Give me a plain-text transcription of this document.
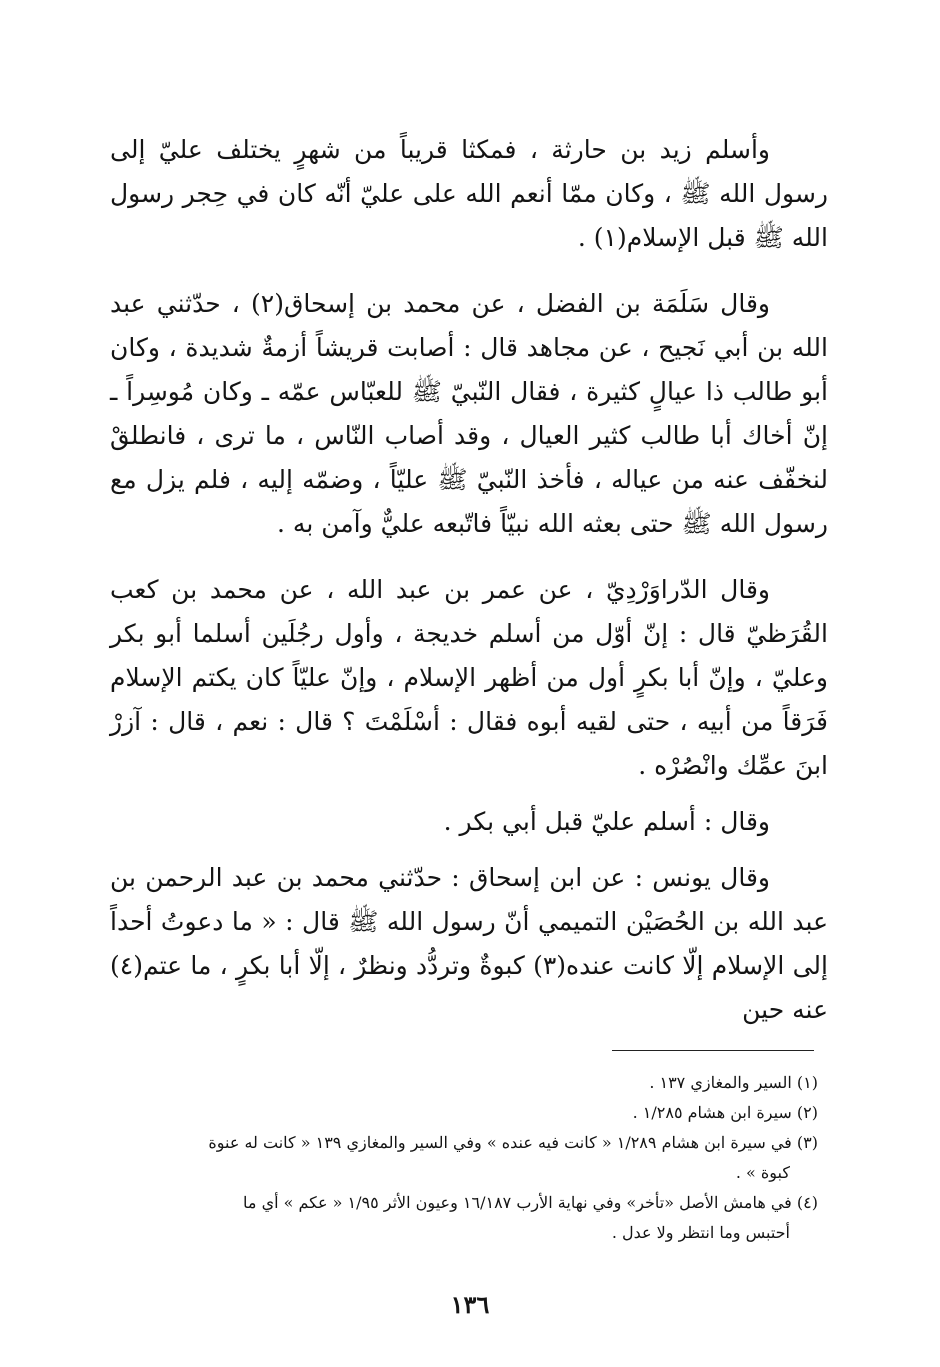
وأسلم زيد بن حارثة ، فمكثا قريباً من شهرٍ يختلف عليّ إلى رسول الله ﷺ ، وكان ممّا أنعم الله على عليّ أنّه كان في حِجر رسول الله ﷺ قبل الإسلام(١) .

وقال سَلَمَة بن الفضل ، عن محمد بن إسحاق(٢) ، حدّثني عبد الله بن أبي نَجيح ، عن مجاهد قال : أصابت قريشاً أزمةٌ شديدة ، وكان أبو طالب ذا عيالٍ كثيرة ، فقال النّبيّ ﷺ للعبّاس عمّه ـ وكان مُوسِراً ـ إنّ أخاك أبا طالب كثير العيال ، وقد أصاب النّاس ، ما ترى ، فانطلقْ لنخفّف عنه من عياله ، فأخذ النّبيّ ﷺ عليّاً ، وضمّه إليه ، فلم يزل مع رسول الله ﷺ حتى بعثه الله نبيّاً فاتّبعه عليٌّ وآمن به .

وقال الدّراوَرْدِيّ ، عن عمر بن عبد الله ، عن محمد بن كعب القُرَظيّ قال : إنّ أوّل من أسلم خديجة ، وأول رجُلَين أسلما أبو بكر وعليّ ، وإنّ أبا بكرٍ أول من أظهر الإسلام ، وإنّ عليّاً كان يكتم الإسلام فَرَقاً من أبيه ، حتى لقيه أبوه فقال : أسْلَمْتَ ؟ قال : نعم ، قال : آزرْ ابنَ عمِّك وانْصُرْه .

وقال : أسلم عليّ قبل أبي بكر .

وقال يونس : عن ابن إسحاق : حدّثني محمد بن عبد الرحمن بن عبد الله بن الحُصَيْن التميمي أنّ رسول الله ﷺ قال : « ما دعوتُ أحداً إلى الإسلام إلّا كانت عنده(٣) كبوةٌ وتردُّد ونظرٌ ، إلّا أبا بكرٍ ، ما عتم(٤) عنه حين

(١) السير والمغازي ١٣٧ .
(٢) سيرة ابن هشام ١/٢٨٥ .
(٣) في سيرة ابن هشام ١/٢٨٩ « كانت فيه عنده » وفي السير والمغازي ١٣٩ « كانت له عنوة
كبوة » .
(٤) في هامش الأصل «تأخر» وفي نهاية الأرب ١٦/١٨٧ وعيون الأثر ١/٩٥ « عكم » أي ما
أحتبس وما انتظر ولا عدل .
١٣٦
